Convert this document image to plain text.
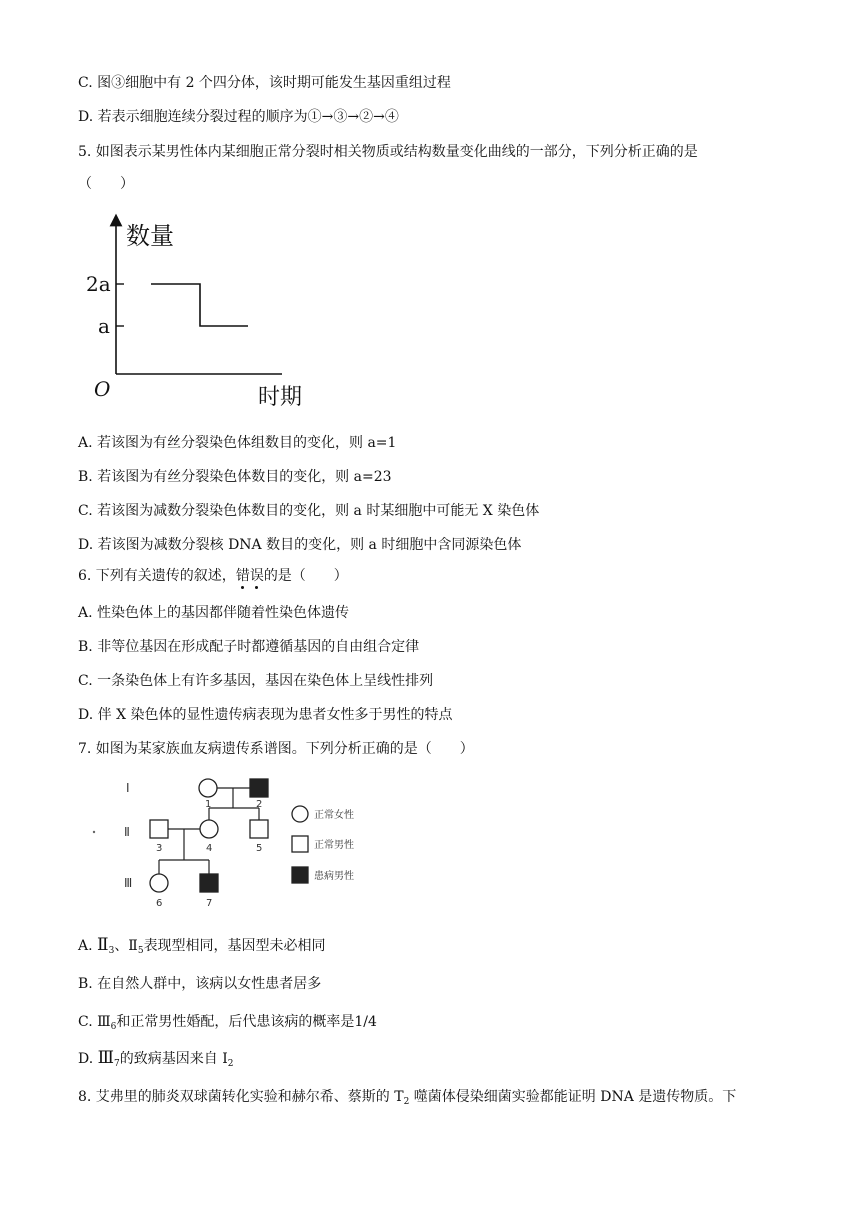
C. 图③细胞中有 2 个四分体，该时期可能发生基因重组过程
D. 若表示细胞连续分裂过程的顺序为①→③→②→④
5. 如图表示某男性体内某细胞正常分裂时相关物质或结构数量变化曲线的一部分，下列分析正确的是
（　　）
数量
时期
O
2a
a
A. 若该图为有丝分裂染色体组数目的变化，则 a=1
B. 若该图为有丝分裂染色体数目的变化，则 a=23
C. 若该图为减数分裂染色体数目的变化，则 a 时某细胞中可能无 X 染色体
D. 若该图为减数分裂核 DNA 数目的变化，则 a 时细胞中含同源染色体
6. 下列有关遗传的叙述，错误的是（　　）
A. 性染色体上的基因都伴随着性染色体遗传
B. 非等位基因在形成配子时都遵循基因的自由组合定律
C. 一条染色体上有许多基因，基因在染色体上呈线性排列
D. 伴 X 染色体的显性遗传病表现为患者女性多于男性的特点
7. 如图为某家族血友病遗传系谱图。下列分析正确的是（　　）
Ⅰ
Ⅱ
Ⅲ
1	2
3	4	5
6	7
正常女性
正常男性
患病男性
A. $Ⅱ_3$、$Ⅱ_5$表现型相同，基因型未必相同
B. 在自然人群中，该病以女性患者居多
C. $Ⅲ_6$和正常男性婚配，后代患该病的概率是1/4
D. $Ⅲ_7$的致病基因来自 $Ⅰ_2$
8. 艾弗里的肺炎双球菌转化实验和赫尔希、蔡斯的 $T_2$ 噬菌体侵染细菌实验都能证明 DNA 是遗传物质。下
